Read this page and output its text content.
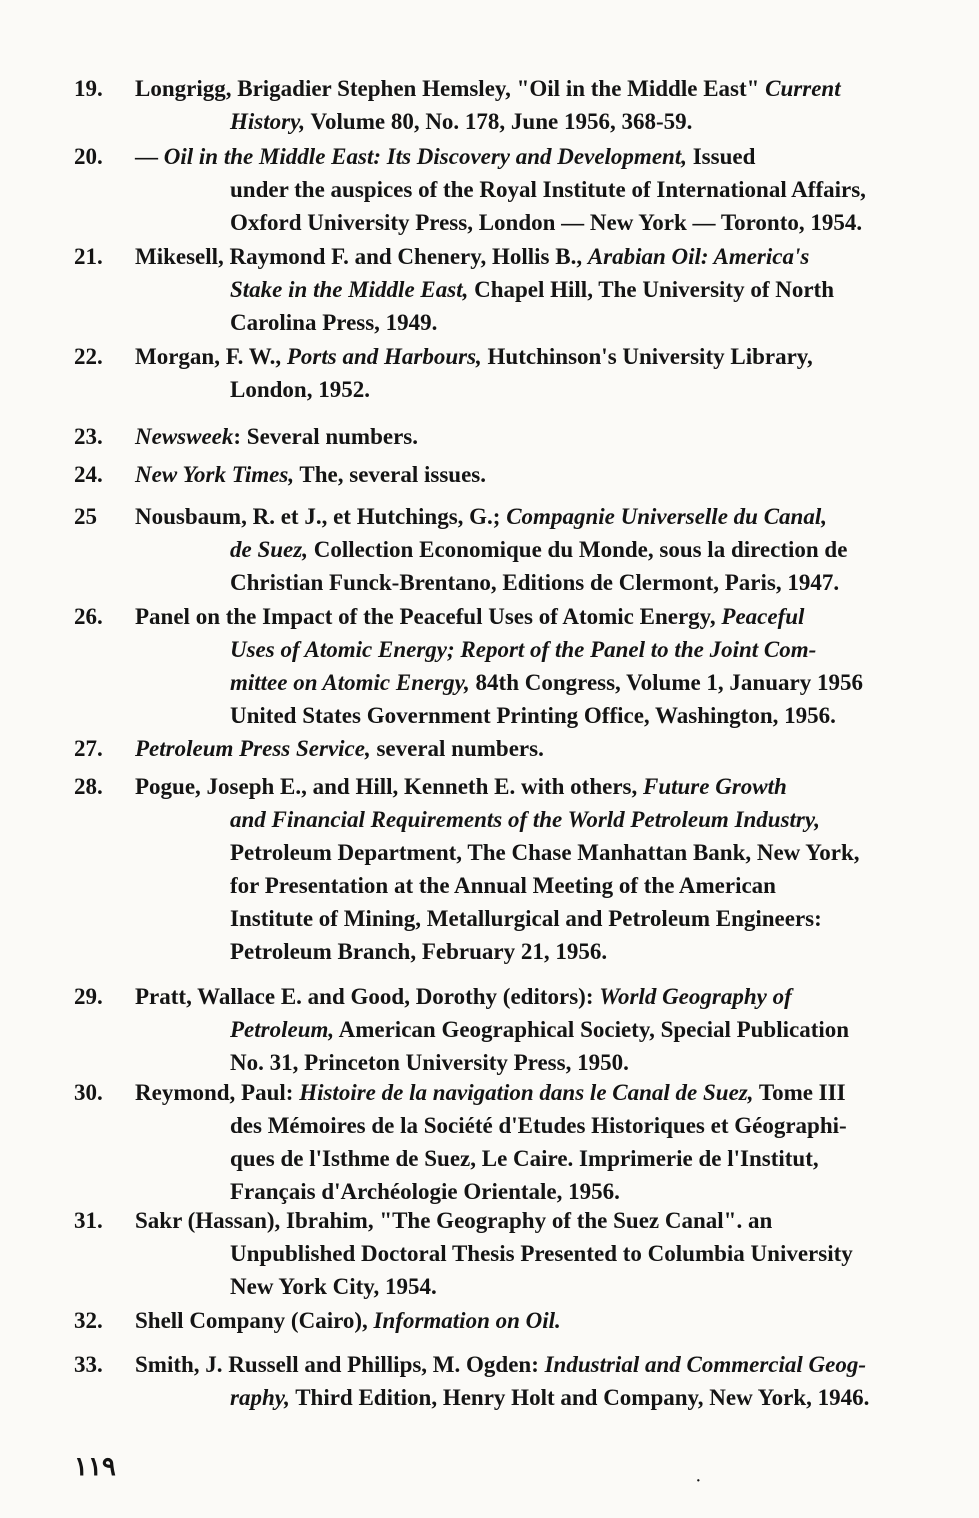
19.	Longrigg, Brigadier Stephen Hemsley, "Oil in the Middle East" Current
History, Volume 80, No. 178, June 1956, 368-59.
20.	— Oil in the Middle East: Its Discovery and Development, Issued
under the auspices of the Royal Institute of International Affairs,
Oxford University Press, London — New York — Toronto, 1954.
21.	Mikesell, Raymond F. and Chenery, Hollis B., Arabian Oil: America's
Stake in the Middle East, Chapel Hill, The University of North
Carolina Press, 1949.
22.	Morgan, F. W., Ports and Harbours, Hutchinson's University Library,
London, 1952.
23.	Newsweek: Several numbers.
24.	New York Times, The, several issues.
25	Nousbaum, R. et J., et Hutchings, G.; Compagnie Universelle du Canal,
de Suez, Collection Economique du Monde, sous la direction de
Christian Funck-Brentano, Editions de Clermont, Paris, 1947.
26.	Panel on the Impact of the Peaceful Uses of Atomic Energy, Peaceful
Uses of Atomic Energy; Report of the Panel to the Joint Com-
mittee on Atomic Energy, 84th Congress, Volume 1, January 1956
United States Government Printing Office, Washington, 1956.
27.	Petroleum Press Service, several numbers.
28.	Pogue, Joseph E., and Hill, Kenneth E. with others, Future Growth
and Financial Requirements of the World Petroleum Industry,
Petroleum Department, The Chase Manhattan Bank, New York,
for Presentation at the Annual Meeting of the American
Institute of Mining, Metallurgical and Petroleum Engineers:
Petroleum Branch, February 21, 1956.
29.	Pratt, Wallace E. and Good, Dorothy (editors): World Geography of
Petroleum, American Geographical Society, Special Publication
No. 31, Princeton University Press, 1950.
30.	Reymond, Paul: Histoire de la navigation dans le Canal de Suez, Tome III
des Mémoires de la Société d'Etudes Historiques et Géographi-
ques de l'Isthme de Suez, Le Caire. Imprimerie de l'Institut,
Français d'Archéologie Orientale, 1956.
31.	Sakr (Hassan), Ibrahim, "The Geography of the Suez Canal". an
Unpublished Doctoral Thesis Presented to Columbia University
New York City, 1954.
32.	Shell Company (Cairo), Information on Oil.
33.	Smith, J. Russell and Phillips, M. Ogden: Industrial and Commercial Geog-
raphy, Third Edition, Henry Holt and Company, New York, 1946.
١١٩	·
